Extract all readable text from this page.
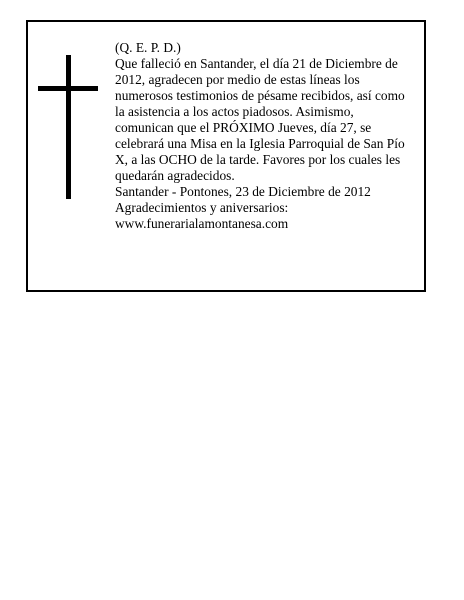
(Q. E. P. D.)

Que falleció en Santander, el día 21 de Diciembre de 2012, agradecen por medio de estas líneas los numerosos testimonios de pésame recibidos, así como la asistencia a los actos piadosos. Asimismo, comunican que el PRÓXIMO Jueves, día 27, se celebrará una Misa en la Iglesia Parroquial de San Pío X, a las OCHO de la tarde. Favores por los cuales les quedarán agradecidos.

Santander - Pontones, 23 de Diciembre de 2012

Agradecimientos y aniversarios:

www.funerarialamontanesa.com
